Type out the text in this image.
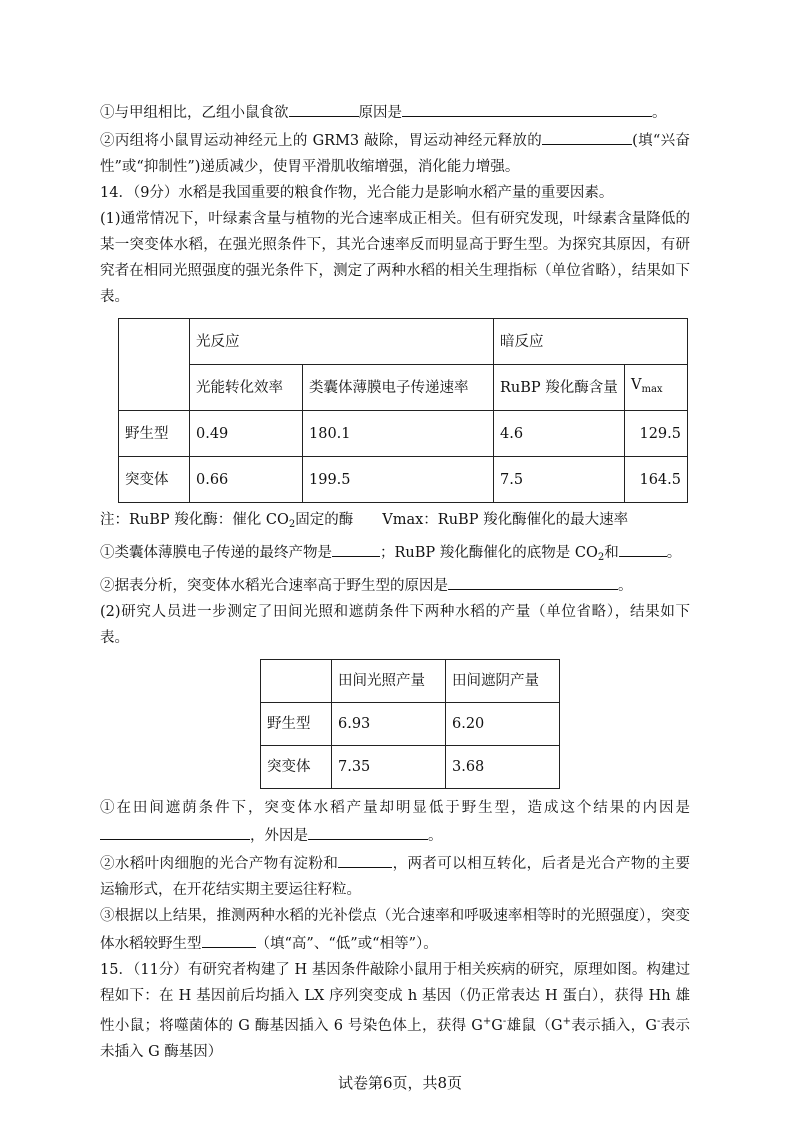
①与甲组相比，乙组小鼠食欲	原因是	。

②丙组将小鼠胃运动神经元上的 GRM3 敲除，胃运动神经元释放的	(填“兴奋性”或“抑制性”)递质减少，使胃平滑肌收缩增强，消化能力增强。

14．（9分）水稻是我国重要的粮食作物，光合能力是影响水稻产量的重要因素。

(1)通常情况下，叶绿素含量与植物的光合速率成正相关。但有研究发现，叶绿素含量降低的某一突变体水稻，在强光照条件下，其光合速率反而明显高于野生型。为探究其原因，有研究者在相同光照强度的强光条件下，测定了两种水稻的相关生理指标（单位省略），结果如下表。

	光反应		暗反应	
	光能转化效率	类囊体薄膜电子传递速率	RuBP 羧化酶含量	$V_{max}$
野生型	0.49	180.1	4.6	129.5
突变体	0.66	199.5	7.5	164.5

注：RuBP 羧化酶：催化 $CO_2$固定的酶　　Vmax：RuBP 羧化酶催化的最大速率

①类囊体薄膜电子传递的最终产物是	；RuBP 羧化酶催化的底物是 $CO_2$和	。

②据表分析，突变体水稻光合速率高于野生型的原因是	。

(2)研究人员进一步测定了田间光照和遮荫条件下两种水稻的产量（单位省略），结果如下表。

	田间光照产量	田间遮阴产量
野生型	6.93	6.20
突变体	7.35	3.68

①在田间遮荫条件下，突变体水稻产量却明显低于野生型，造成这个结果的内因是，外因是	。

②水稻叶肉细胞的光合产物有淀粉和	，两者可以相互转化，后者是光合产物的主要运输形式，在开花结实期主要运往籽粒。

③根据以上结果，推测两种水稻的光补偿点（光合速率和呼吸速率相等时的光照强度），突变体水稻较野生型	（填“高”、“低”或“相等”）。

15．（11分）有研究者构建了 H 基因条件敲除小鼠用于相关疾病的研究，原理如图。构建过程如下：在 H 基因前后均插入 LX 序列突变成 h 基因（仍正常表达 H 蛋白），获得 Hh 雄性小鼠；将噬菌体的 G 酶基因插入 6 号染色体上，获得 G+G-雄鼠（G+表示插入，G-表示未插入 G 酶基因）

试卷第6页，共8页
